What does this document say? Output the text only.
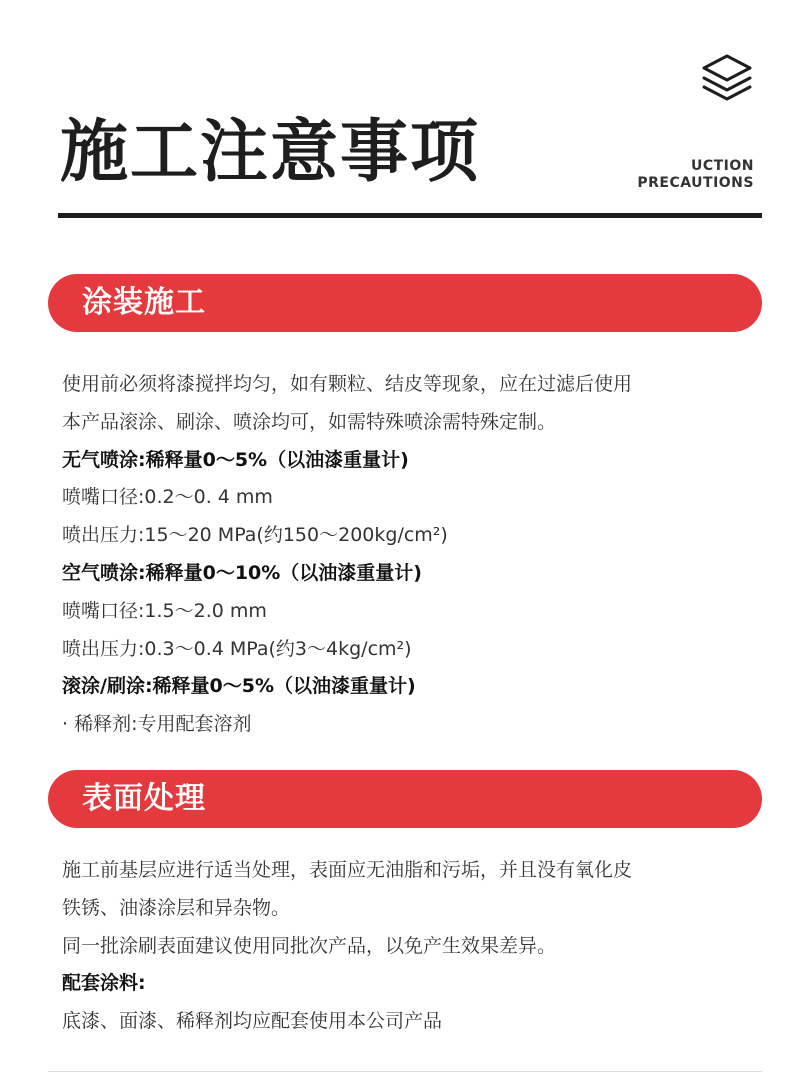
施工注意事项	UCTION
PRECAUTIONS
涂装施工
使用前必须将漆搅拌均匀，如有颗粒、结皮等现象，应在过滤后使用
本产品滚涂、刷涂、喷涂均可，如需特殊喷涂需特殊定制。
无气喷涂:稀释量0～5%（以油漆重量计)
喷嘴口径:0.2～0. 4 mm
喷出压力:15～20 MPa(约150～200kg/cm²)
空气喷涂:稀释量0～10%（以油漆重量计)
喷嘴口径:1.5～2.0 mm
喷出压力:0.3～0.4 MPa(约3～4kg/cm²)
滚涂/刷涂:稀释量0～5%（以油漆重量计)
· 稀释剂:专用配套溶剂
表面处理
施工前基层应进行适当处理，表面应无油脂和污垢，并且没有氧化皮
铁锈、油漆涂层和异杂物。
同一批涂刷表面建议使用同批次产品，以免产生效果差异。
配套涂料:
底漆、面漆、稀释剂均应配套使用本公司产品
